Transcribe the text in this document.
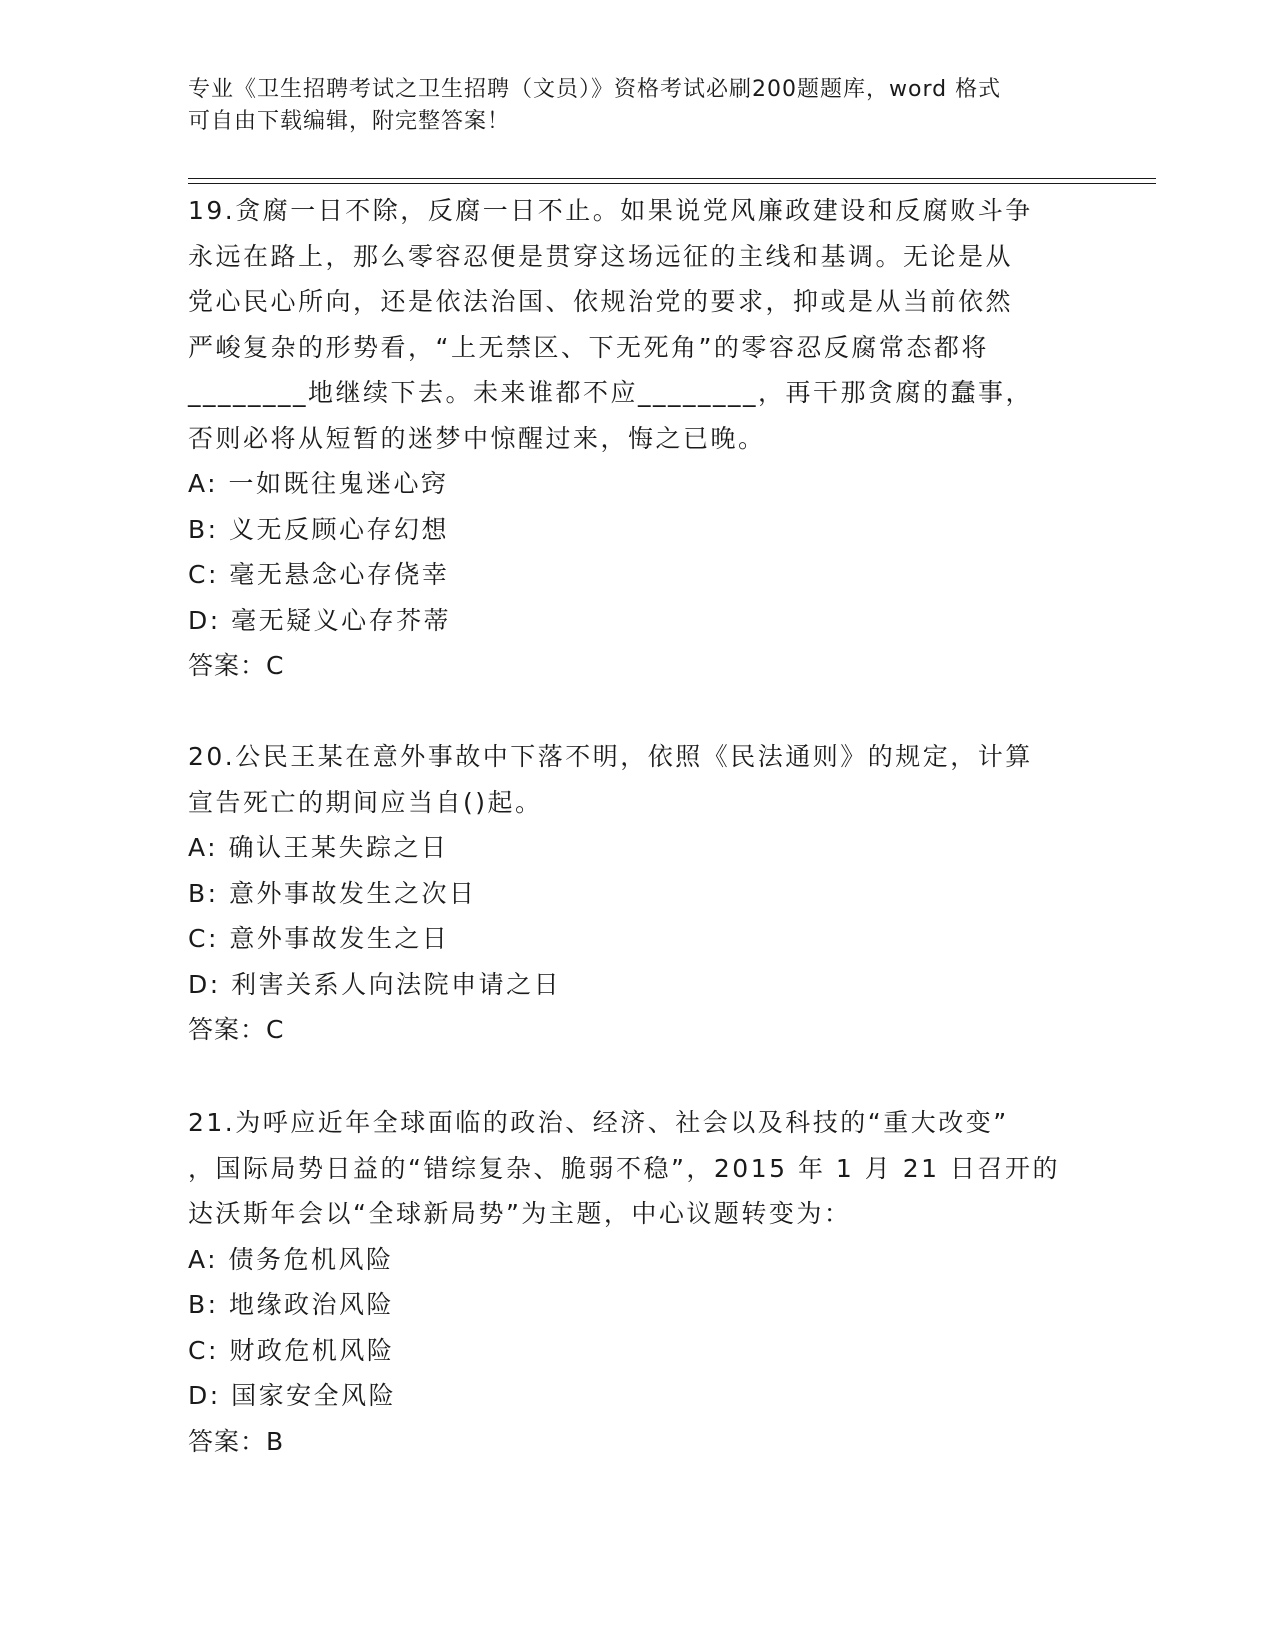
专业《卫生招聘考试之卫生招聘（文员）》资格考试必刷200题题库，word 格式
可自由下载编辑，附完整答案！

19.贪腐一日不除，反腐一日不止。如果说党风廉政建设和反腐败斗争

永远在路上，那么零容忍便是贯穿这场远征的主线和基调。无论是从

党心民心所向，还是依法治国、依规治党的要求，抑或是从当前依然

严峻复杂的形势看，“上无禁区、下无死角”的零容忍反腐常态都将

________地继续下去。未来谁都不应________，再干那贪腐的蠢事，

否则必将从短暂的迷梦中惊醒过来，悔之已晚。

A: 一如既往鬼迷心窍

B: 义无反顾心存幻想

C: 毫无悬念心存侥幸

D: 毫无疑义心存芥蒂

答案：C

20.公民王某在意外事故中下落不明，依照《民法通则》的规定，计算

宣告死亡的期间应当自()起。

A: 确认王某失踪之日

B: 意外事故发生之次日

C: 意外事故发生之日

D: 利害关系人向法院申请之日

答案：C

21.为呼应近年全球面临的政治、经济、社会以及科技的“重大改变”

，国际局势日益的“错综复杂、脆弱不稳”，2015 年 1 月 21 日召开的

达沃斯年会以“全球新局势”为主题，中心议题转变为：

A: 债务危机风险

B: 地缘政治风险

C: 财政危机风险

D: 国家安全风险

答案：B
